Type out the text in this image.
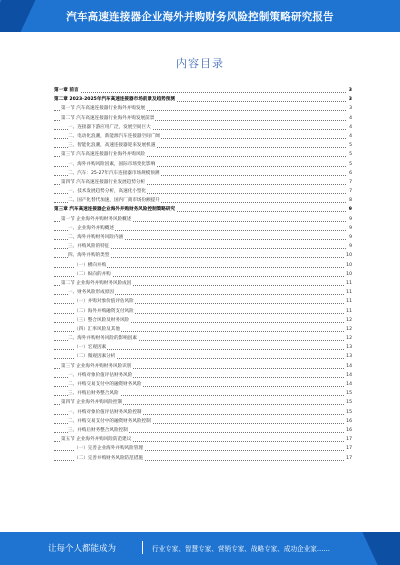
汽车高速连接器企业海外并购财务风险控制策略研究报告
内容目录
第一章 前言	3
第二章 2023-2025年汽车高速连接器市场前景及趋势预测	3
第一节 汽车高速连接器行业海外并购发展	3
第二节 汽车高速连接器行业海外并购发展前景	4
一、连接器下游应用广泛，发展空间巨大	4
二、电动化浪潮，新能源汽车连接器空间广阔	4
三、智能化浪潮，高速连接器迎来发展机遇	5
第三节 汽车高速连接器行业海外并购风险	5
一、海外并购风险因素，国际市场变化影响	5
二、汽车：25-27年汽车连接器市场规模预测	6
第四节 汽车高速连接器行业发展趋势分析	7
一、技术发展趋势分析，高速化小型化	7
二、国产化替代加速，国内厂商市场份额提升	8
第三章 汽车高速连接器企业海外并购财务风险控制策略研究	9
第一节 企业海外并购财务风险概述	9
一、企业海外并购概述	9
二、海外并购财务风险内涵	9
三、并购风险的特征	9
四、海外并购的类型	10
（一）横向并购	10
（二）纵向的并购	10
第二节 企业海外并购财务风险成因	11
一、财务风险形成原因	11
（一）并购对象价值评估风险	11
（二）海外并购融资支付风险	11
（三）整合风险及财务风险	12
（四）汇率风险及其他	12
二、海外并购财务风险的影响因素	12
（一）宏观因素	13
（二）微观因素分析	13
第三节 企业海外并购财务风险识别	14
一、并购对象价值评估财务风险	14
二、并购交易支付中的融资财务风险	14
三、并购后财务整合风险	15
第四节 企业海外并购风险控制	15
一、并购对象价值评估财务风险控制	15
二、并购交易支付中的融资财务风险控制	16
三、并购后财务整合风险控制	16
第五节 企业海外并购风险防范建议	17
（一）完善企业海外并购风险管理	17
（二）完善并购财务风险防范措施	17
让每个人都能成为	行业专家、智慧专家、营销专家、战略专家、成功企业家……
